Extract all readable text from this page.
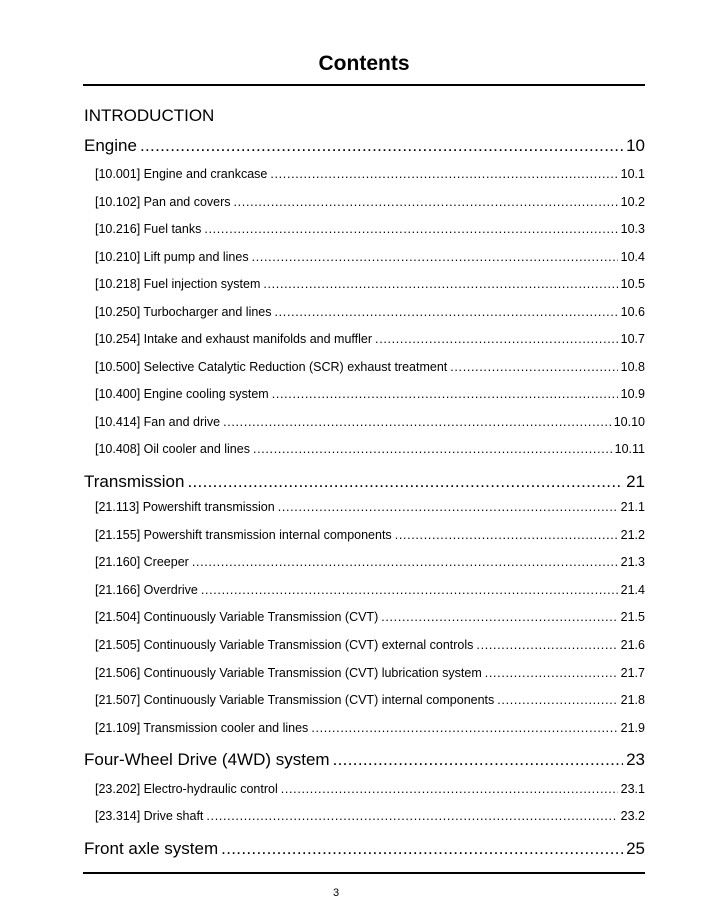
Contents
INTRODUCTION
Engine . . .	10
[10.001] Engine and crankcase . . .	10.1
[10.102] Pan and covers . . .	10.2
[10.216] Fuel tanks . . .	10.3
[10.210] Lift pump and lines . . .	10.4
[10.218] Fuel injection system . . .	10.5
[10.250] Turbocharger and lines . . .	10.6
[10.254] Intake and exhaust manifolds and muffler . . .	10.7
[10.500] Selective Catalytic Reduction (SCR) exhaust treatment . . .	10.8
[10.400] Engine cooling system . . .	10.9
[10.414] Fan and drive . . .	10.10
[10.408] Oil cooler and lines . . .	10.11
Transmission . . .	21
[21.113] Powershift transmission . . .	21.1
[21.155] Powershift transmission internal components . . .	21.2
[21.160] Creeper . . .	21.3
[21.166] Overdrive . . .	21.4
[21.504] Continuously Variable Transmission (CVT) . . .	21.5
[21.505] Continuously Variable Transmission (CVT) external controls . . .	21.6
[21.506] Continuously Variable Transmission (CVT) lubrication system . . .	21.7
[21.507] Continuously Variable Transmission (CVT) internal components . . .	21.8
[21.109] Transmission cooler and lines . . .	21.9
Four-Wheel Drive (4WD) system . . .	23
[23.202] Electro-hydraulic control . . .	23.1
[23.314] Drive shaft . . .	23.2
Front axle system . . .	25
3
